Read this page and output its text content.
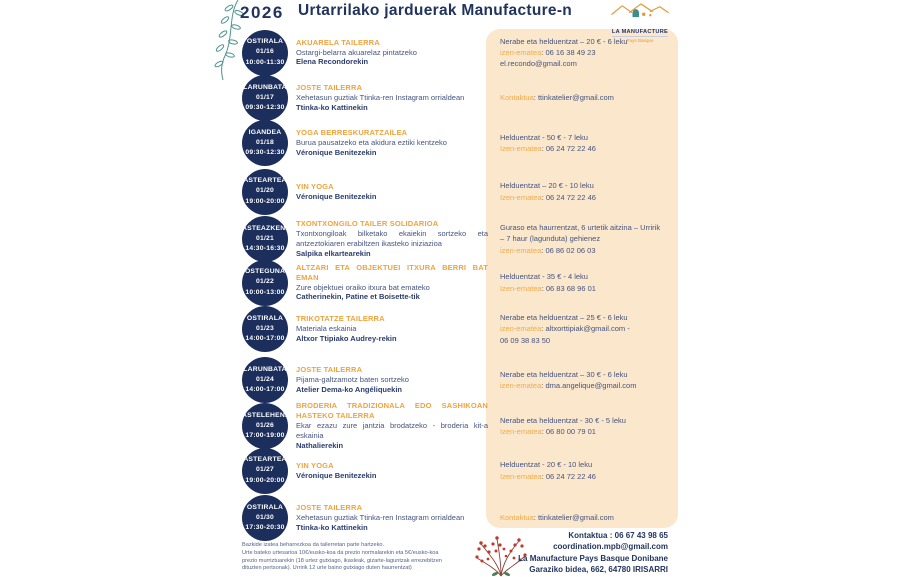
2026 Urtarrilako jarduerak Manufacture-n
LA MANUFACTURE
Pays Basque
OSTIRALA
01/16
10:00-11:30
AKUARELA TAILERRA
Ostargi-belarra akuarelaz pintatzeko
Elena Recondorekin
Nerabe eta helduentzat – 20 € - 6 leku
izen-ematea: 06 16 38 49 23
el.recondo@gmail.com
LARUNBATA
01/17
09:30-12:30
JOSTE TAILERRA
Xehetasun guztiak Ttinka-ren Instagram orrialdean
Ttinka-ko Kattinekin
Kontaktua: ttinkatelier@gmail.com
IGANDEA
01/18
09:30-12:30
YOGA BERRESKURATZAILEA
Burua pausatzeko eta akidura eztiki kentzeko
Véronique Benitezekin
Helduentzat - 50 € - 7 leku
Izen-ematea: 06 24 72 22 46
ASTEARTEA
01/20
19:00-20:00
YIN YOGA
Véronique Benitezekin
Helduentzat – 20 € - 10 leku
Izen-ematea: 06 24 72 22 46
ASTEAZKENA
01/21
14:30-16:30
TXONTXONGILO TAILER SOLIDARIOA
Txontxongiloak bilketako ekaiekin sortzeko eta antzeztokiaren erabiltzen ikasteko iniziazioa
Salpika elkartearekin
Guraso eta haurrentzat, 6 urtetik aitzina – Urririk – 7 haur (lagunduta) gehienez
izen-ematea: 06 86 02 06 03
OSTEGUNA
01/22
10:00-13:00
ALTZARI ETA OBJEKTUEI ITXURA BERRI BAT EMAN
Zure objektuei oraiko itxura bat emateko
Catherinekin, Patine et Boisette-tik
Helduentzat - 35 € - 4 leku
Izen-ematea: 06 83 68 96 01
OSTIRALA
01/23
14:00-17:00
TRIKOTATZE TAILERRA
Materiala eskainia
Altxor Ttipiako Audrey-rekin
Nerabe eta helduentzat – 25 € - 6 leku
izen-ematea: altxorttipiak@gmail.com -
06 09 38 83 50
LARUNBATA
01/24
14:00-17:00
JOSTE TAILERRA
Pijama-galtzamotz baten sortzeko
Atelier Dema-ko Angéliquekin
Nerabe eta helduentzat – 30 € - 6 leku
izen-ematea: dma.angelique@gmail.com
ASTELEHENA
01/26
17:00-19:00
BRODERIA TRADIZIONALA EDO SASHIKOAN HASTEKO TAILERRA
Ekar ezazu zure jantzia brodatzeko - broderia kit-a eskainia
Nathalierekin
Nerabe eta helduentzat - 30 € - 5 leku
Izen-ematea: 06 80 00 79 01
ASTEARTEA
01/27
19:00-20:00
YIN YOGA
Véronique Benitezekin
Helduentzat - 20 € - 10 leku
Izen-ematea: 06 24 72 22 46
OSTIRALA
01/30
17:30-20:30
JOSTE TAILERRA
Xehetasun guztiak Ttinka-ren Instagram orrialdean
Ttinka-ko Kattinekin
Kontaktua: ttinkatelier@gmail.com
Bazkide izatea beharrezkoa da tailerretan parte hartzeko.
Urte bateko urtesarioa 10€/eusko-koa da prezio normalarekin eta 5€/eusko-koa
prezio murriztuarekin (18 urtez gutxiago, ikasleak, gizarte-laguntzak errezebitzen
dituzten pertsonak). Urririk 12 urte baino gutxiago duten haurrentzat)
Kontaktua : 06 67 43 98 65
coordination.mpb@gmail.com
La Manufacture Pays Basque Donibane
Garaziko bidea, 662, 64780 IRISARRI
